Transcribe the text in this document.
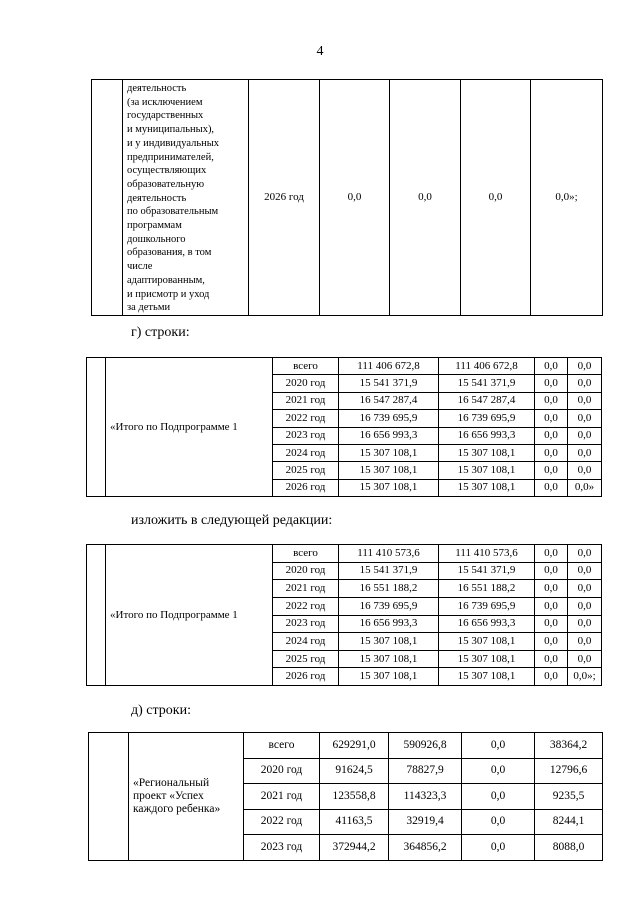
4

деятельность
(за исключением
государственных
и муниципальных),
и у индивидуальных
предпринимателей,
осуществляющих
образовательную
деятельность
по образовательным
программам
дошкольного
образования, в том
числе
адаптированным,
и присмотр и уход
за детьми
	2026 год	0,0	0,0	0,0	0,0»;
г) строки:
	«Итого по Подпрограмме 1	всего	111 406 672,8	111 406 672,8	0,0	0,0
		2020 год	15 541 371,9	15 541 371,9	0,0	0,0
		2021 год	16 547 287,4	16 547 287,4	0,0	0,0
		2022 год	16 739 695,9	16 739 695,9	0,0	0,0
		2023 год	16 656 993,3	16 656 993,3	0,0	0,0
		2024 год	15 307 108,1	15 307 108,1	0,0	0,0
		2025 год	15 307 108,1	15 307 108,1	0,0	0,0
		2026 год	15 307 108,1	15 307 108,1	0,0	0,0»
изложить в следующей редакции:
	«Итого по Подпрограмме 1	всего	111 410 573,6	111 410 573,6	0,0	0,0
		2020 год	15 541 371,9	15 541 371,9	0,0	0,0
		2021 год	16 551 188,2	16 551 188,2	0,0	0,0
		2022 год	16 739 695,9	16 739 695,9	0,0	0,0
		2023 год	16 656 993,3	16 656 993,3	0,0	0,0
		2024 год	15 307 108,1	15 307 108,1	0,0	0,0
		2025 год	15 307 108,1	15 307 108,1	0,0	0,0
		2026 год	15 307 108,1	15 307 108,1	0,0	0,0»;
д) строки:

	«Региональный
проект «Успех
каждого ребенка»	всего	629291,0	590926,8	0,0	38364,2
		2020 год	91624,5	78827,9	0,0	12796,6
		2021 год	123558,8	114323,3	0,0	9235,5
		2022 год	41163,5	32919,4	0,0	8244,1
		2023 год	372944,2	364856,2	0,0	8088,0
